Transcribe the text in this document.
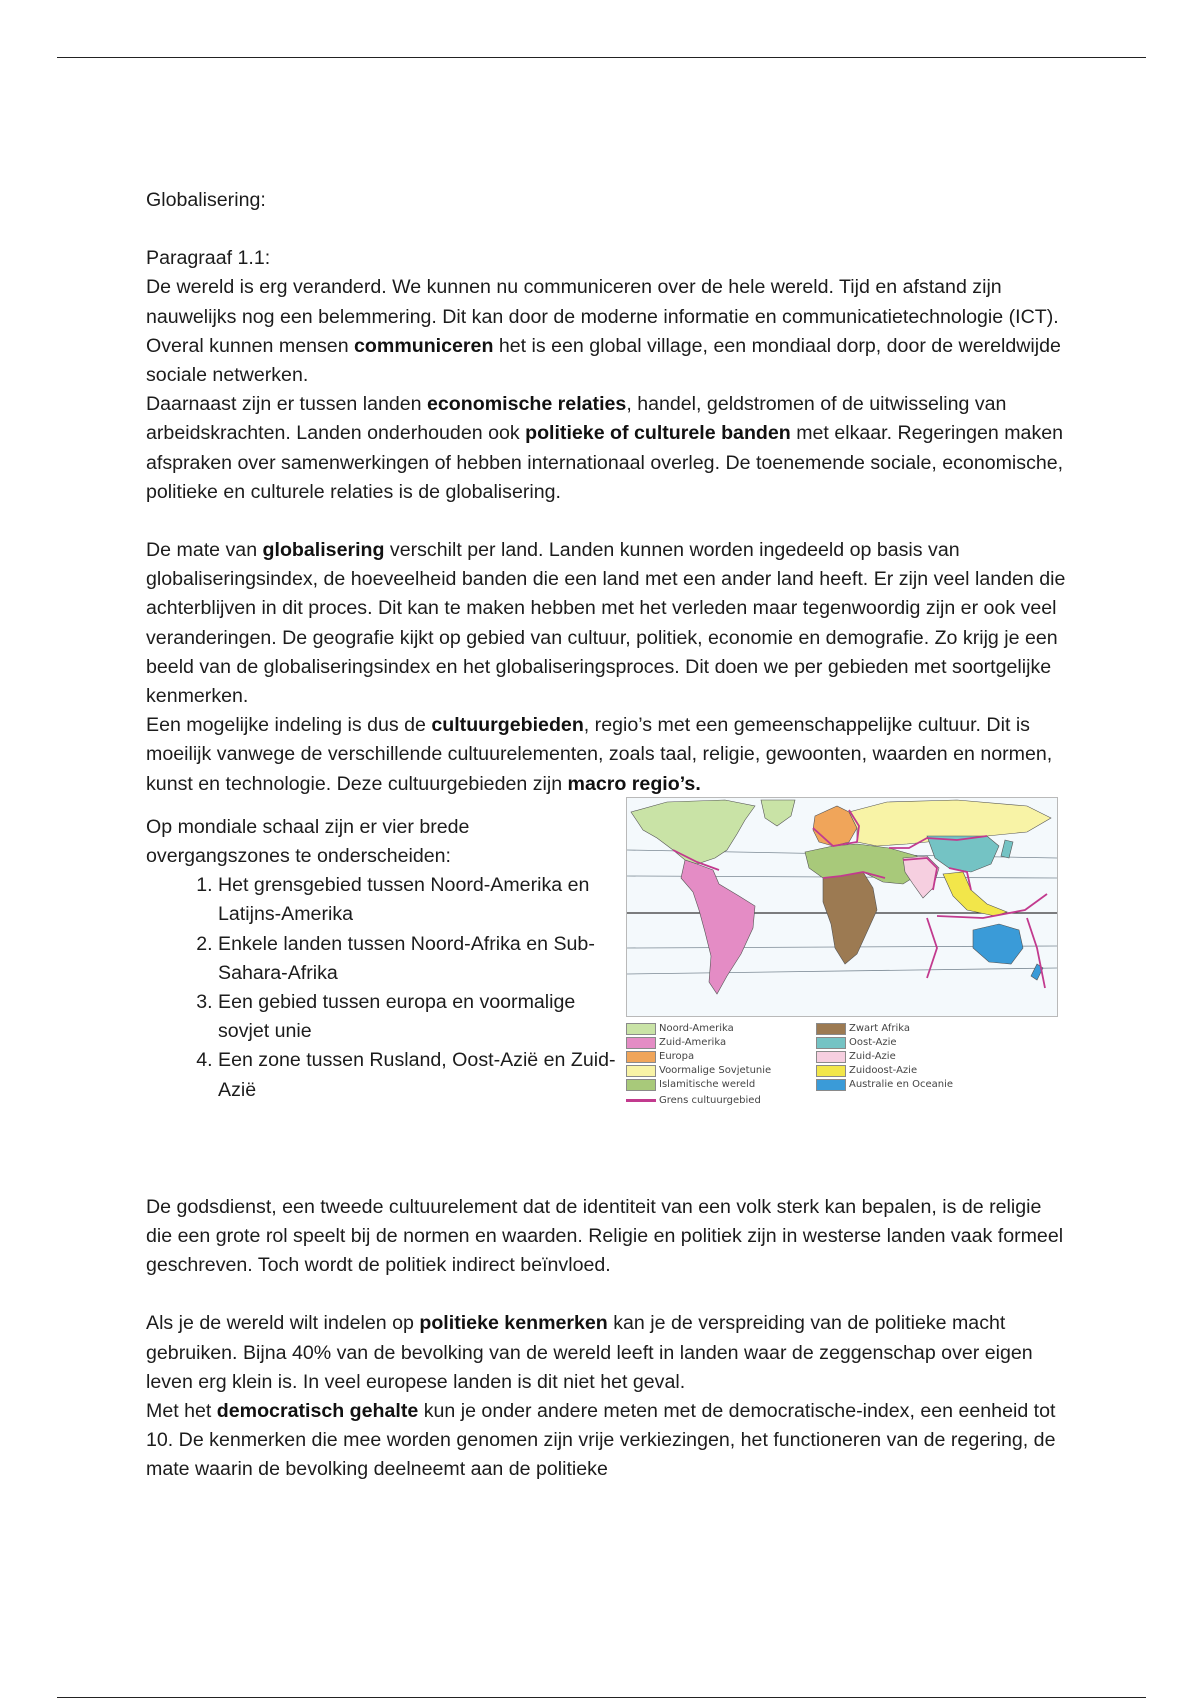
Globalisering:

Paragraaf 1.1:

De wereld is erg veranderd. We kunnen nu communiceren over de hele wereld. Tijd en afstand zijn nauwelijks nog een belemmering. Dit kan door de moderne informatie en communicatietechnologie (ICT). Overal kunnen mensen communiceren het is een global village, een mondiaal dorp, door de wereldwijde sociale netwerken.

Daarnaast zijn er tussen landen economische relaties, handel, geldstromen of de uitwisseling van arbeidskrachten. Landen onderhouden ook politieke of culturele banden met elkaar. Regeringen maken afspraken over samenwerkingen of hebben internationaal overleg. De toenemende sociale, economische, politieke en culturele relaties is de globalisering.

De mate van globalisering verschilt per land. Landen kunnen worden ingedeeld op basis van globaliseringsindex, de hoeveelheid banden die een land met een ander land heeft. Er zijn veel landen die achterblijven in dit proces. Dit kan te maken hebben met het verleden maar tegenwoordig zijn er ook veel veranderingen. De geografie kijkt op gebied van cultuur, politiek, economie en demografie. Zo krijg je een beeld van de globaliseringsindex en het globaliseringsproces. Dit doen we per gebieden met soortgelijke kenmerken.

Een mogelijke indeling is dus de cultuurgebieden, regio’s met een gemeenschappelijke cultuur. Dit is moeilijk vanwege de verschillende cultuurelementen, zoals taal, religie, gewoonten, waarden en normen, kunst en technologie. Deze cultuurgebieden zijn macro regio’s.

Op mondiale schaal zijn er vier brede overgangszones te onderscheiden:

1. Het grensgebied tussen Noord-Amerika en Latijns-Amerika
2. Enkele landen tussen Noord-Afrika en Sub-Sahara-Afrika
3. Een gebied tussen europa en voormalige sovjet unie
4. Een zone tussen Rusland, Oost-Azië en Zuid-Azië
Noord-Amerika
Zuid-Amerika
Europa
Voormalige Sovjetunie
Islamitische wereld
Grens cultuurgebied
Zwart Afrika
Oost-Azie
Zuid-Azie
Zuidoost-Azie
Australie en Oceanie

De godsdienst, een tweede cultuurelement dat de identiteit van een volk sterk kan bepalen, is de religie die een grote rol speelt bij de normen en waarden. Religie en politiek zijn in westerse landen vaak formeel geschreven. Toch wordt de politiek indirect beïnvloed.

Als je de wereld wilt indelen op politieke kenmerken kan je de verspreiding van de politieke macht gebruiken. Bijna 40% van de bevolking van de wereld leeft in landen waar de zeggenschap over eigen leven erg klein is. In veel europese landen is dit niet het geval.

Met het democratisch gehalte kun je onder andere meten met de democratische-index, een eenheid tot 10. De kenmerken die mee worden genomen zijn vrije verkiezingen, het functioneren van de regering, de mate waarin de bevolking deelneemt aan de politieke
